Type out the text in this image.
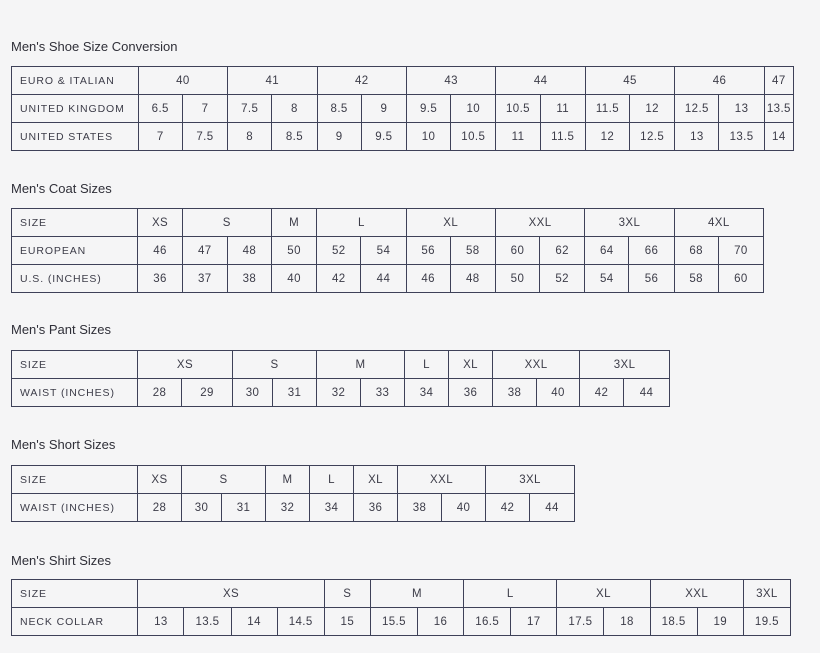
Men's Shoe Size Conversion
EURO & ITALIAN	40		41		42		43		44		45		46		47
UNITED KINGDOM	6.5	7	7.5	8	8.5	9	9.5	10	10.5	11	11.5	12	12.5	13	13.5
UNITED STATES	7	7.5	8	8.5	9	9.5	10	10.5	11	11.5	12	12.5	13	13.5	14
Men's Coat Sizes
SIZE	XS	S		M	L		XL		XXL		3XL		4XL	
EUROPEAN	46	47	48	50	52	54	56	58	60	62	64	66	68	70
U.S. (INCHES)	36	37	38	40	42	44	46	48	50	52	54	56	58	60
Men's Pant Sizes
SIZE	XS		S		M		L	XL	XXL		3XL	
WAIST (INCHES)	28	29	30	31	32	33	34	36	38	40	42	44
Men's Short Sizes
SIZE	XS	S		M	L	XL	XXL		3XL	
WAIST (INCHES)	28	30	31	32	34	36	38	40	42	44
Men's Shirt Sizes
SIZE	XS				S	M		L		XL		XXL		3XL
NECK COLLAR	13	13.5	14	14.5	15	15.5	16	16.5	17	17.5	18	18.5	19	19.5
